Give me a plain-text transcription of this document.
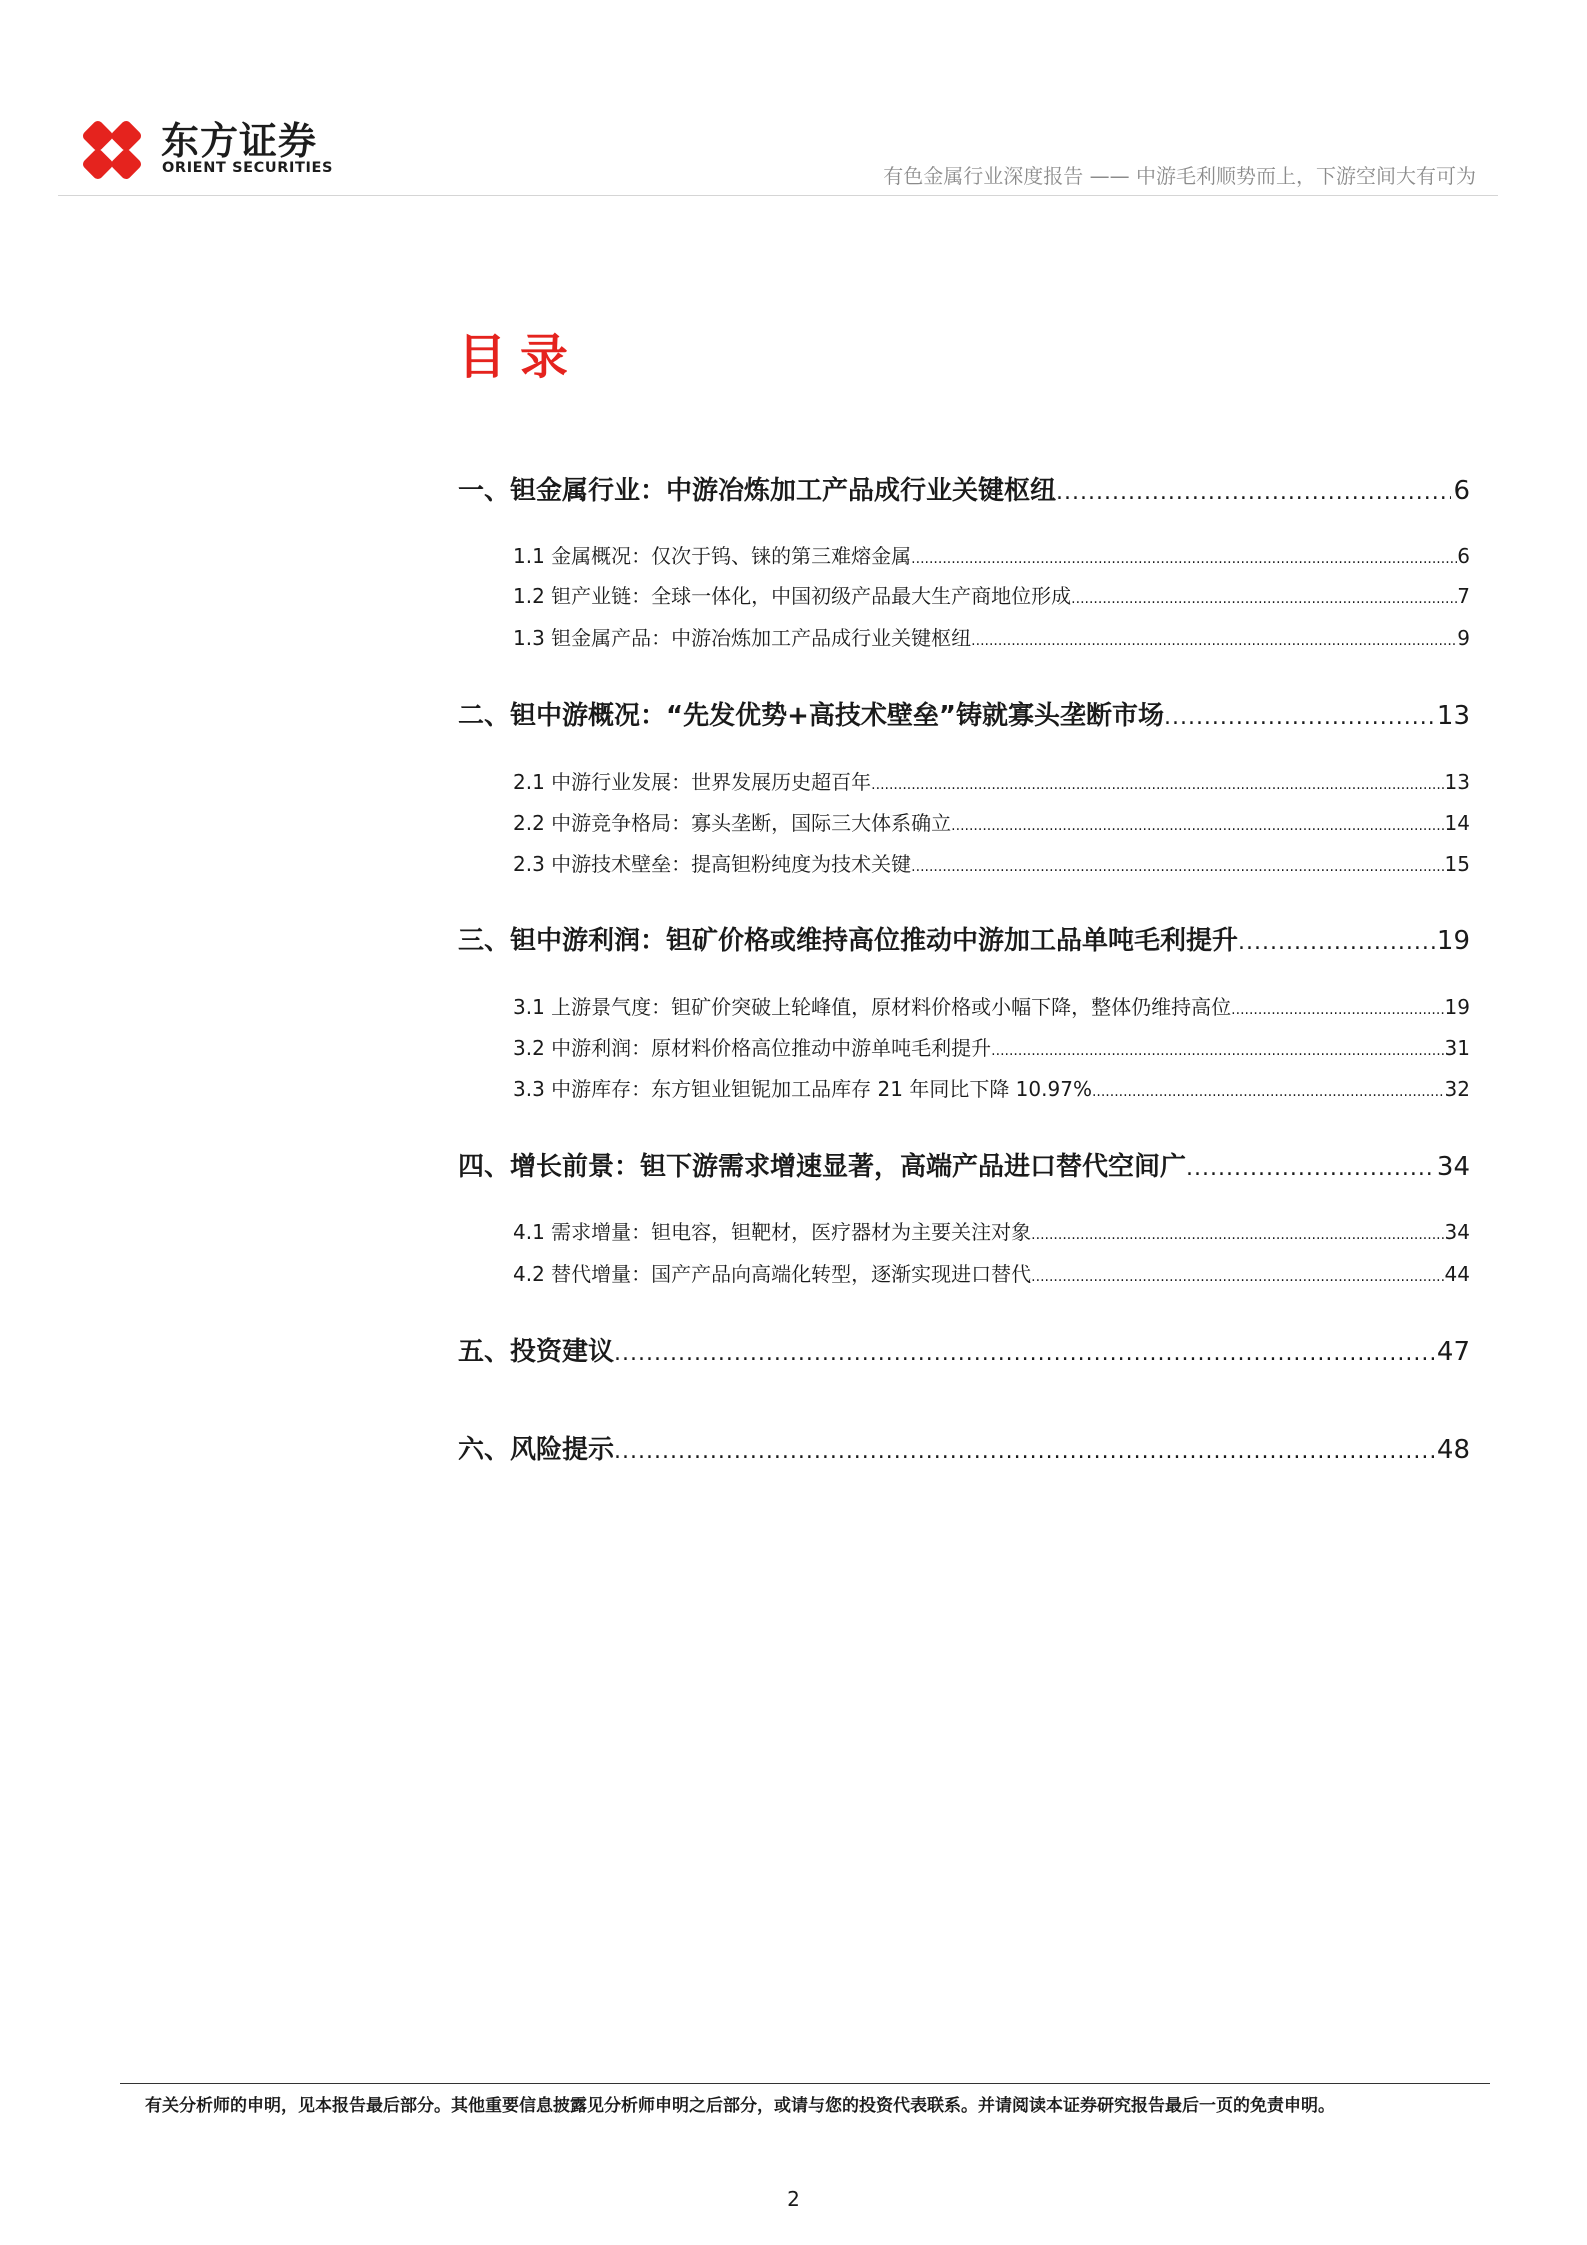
东方证券
ORIENT SECURITIES	有色金属行业深度报告 —— 中游毛利顺势而上，下游空间大有可为
目录
一、钽金属行业：中游冶炼加工产品成行业关键枢纽 .....	6
1.1 金属概况：仅次于钨、铼的第三难熔金属 .....	6
1.2 钽产业链：全球一体化，中国初级产品最大生产商地位形成 .....	7
1.3 钽金属产品：中游冶炼加工产品成行业关键枢纽 .....	9
二、钽中游概况：“先发优势+高技术壁垒”铸就寡头垄断市场 .....	13
2.1 中游行业发展：世界发展历史超百年 .....	13
2.2 中游竞争格局：寡头垄断，国际三大体系确立 .....	14
2.3 中游技术壁垒：提高钽粉纯度为技术关键 .....	15
三、钽中游利润：钽矿价格或维持高位推动中游加工品单吨毛利提升 .....	19
3.1 上游景气度：钽矿价突破上轮峰值，原材料价格或小幅下降，整体仍维持高位 .....	19
3.2 中游利润：原材料价格高位推动中游单吨毛利提升 .....	31
3.3 中游库存：东方钽业钽铌加工品库存 21 年同比下降 10.97% .....	32
四、增长前景：钽下游需求增速显著，高端产品进口替代空间广 .....	34
4.1 需求增量：钽电容，钽靶材，医疗器材为主要关注对象 .....	34
4.2 替代增量：国产产品向高端化转型，逐渐实现进口替代 .....	44
五、投资建议 .....	47
六、风险提示 .....	48
有关分析师的申明，见本报告最后部分。其他重要信息披露见分析师申明之后部分，或请与您的投资代表联系。并请阅读本证券研究报告最后一页的免责申明。
2
